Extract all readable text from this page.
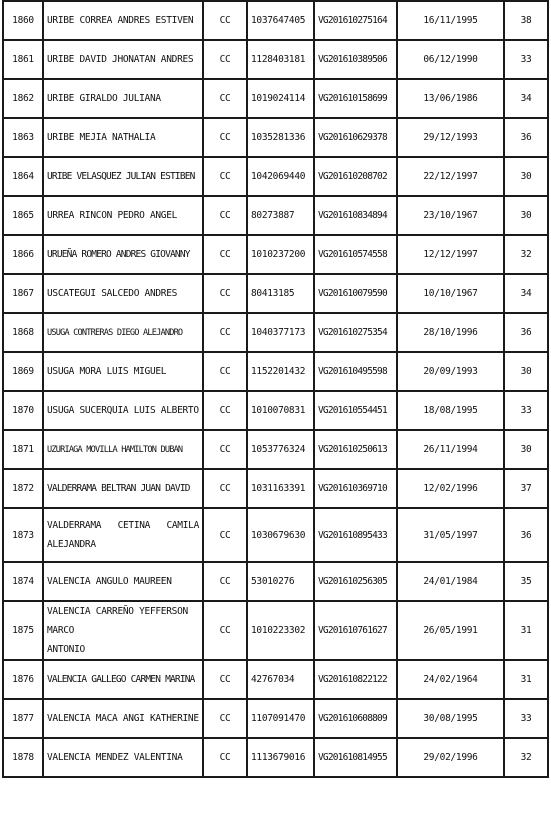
1860	URIBE CORREA ANDRES ESTIVEN	CC	1037647405	VG201610275164	16/11/1995	38
1861	URIBE DAVID JHONATAN ANDRES	CC	1128403181	VG201610389506	06/12/1990	33
1862	URIBE GIRALDO JULIANA	CC	1019024114	VG201610158699	13/06/1986	34
1863	URIBE MEJIA NATHALIA	CC	1035281336	VG201610629378	29/12/1993	36
1864	URIBE VELASQUEZ JULIAN ESTIBEN	CC	1042069440	VG201610208702	22/12/1997	30
1865	URREA RINCON PEDRO ANGEL	CC	80273887	VG201610834894	23/10/1967	30
1866	URUEÑA ROMERO ANDRES GIOVANNY	CC	1010237200	VG201610574558	12/12/1997	32
1867	USCATEGUI SALCEDO ANDRES	CC	80413185	VG201610079590	10/10/1967	34
1868	USUGA CONTRERAS DIEGO ALEJANDRO	CC	1040377173	VG201610275354	28/10/1996	36
1869	USUGA MORA LUIS MIGUEL	CC	1152201432	VG201610495598	20/09/1993	30
1870	USUGA SUCERQUIA LUIS ALBERTO	CC	1010070831	VG201610554451	18/08/1995	33
1871	UZURIAGA MOVILLA HAMILTON DUBAN	CC	1053776324	VG201610250613	26/11/1994	30
1872	VALDERRAMA BELTRAN JUAN DAVID	CC	1031163391	VG201610369710	12/02/1996	37
1873	VALDERRAMA CETINA CAMILA
ALEJANDRA	CC	1030679630	VG201610895433	31/05/1997	36
1874	VALENCIA ANGULO MAUREEN	CC	53010276	VG201610256305	24/01/1984	35
1875	VALENCIA CARREÑO YEFFERSON MARCO
ANTONIO	CC	1010223302	VG201610761627	26/05/1991	31
1876	VALENCIA GALLEGO CARMEN MARINA	CC	42767034	VG201610822122	24/02/1964	31
1877	VALENCIA MACA ANGI KATHERINE	CC	1107091470	VG201610608809	30/08/1995	33
1878	VALENCIA MENDEZ VALENTINA	CC	1113679016	VG201610814955	29/02/1996	32
